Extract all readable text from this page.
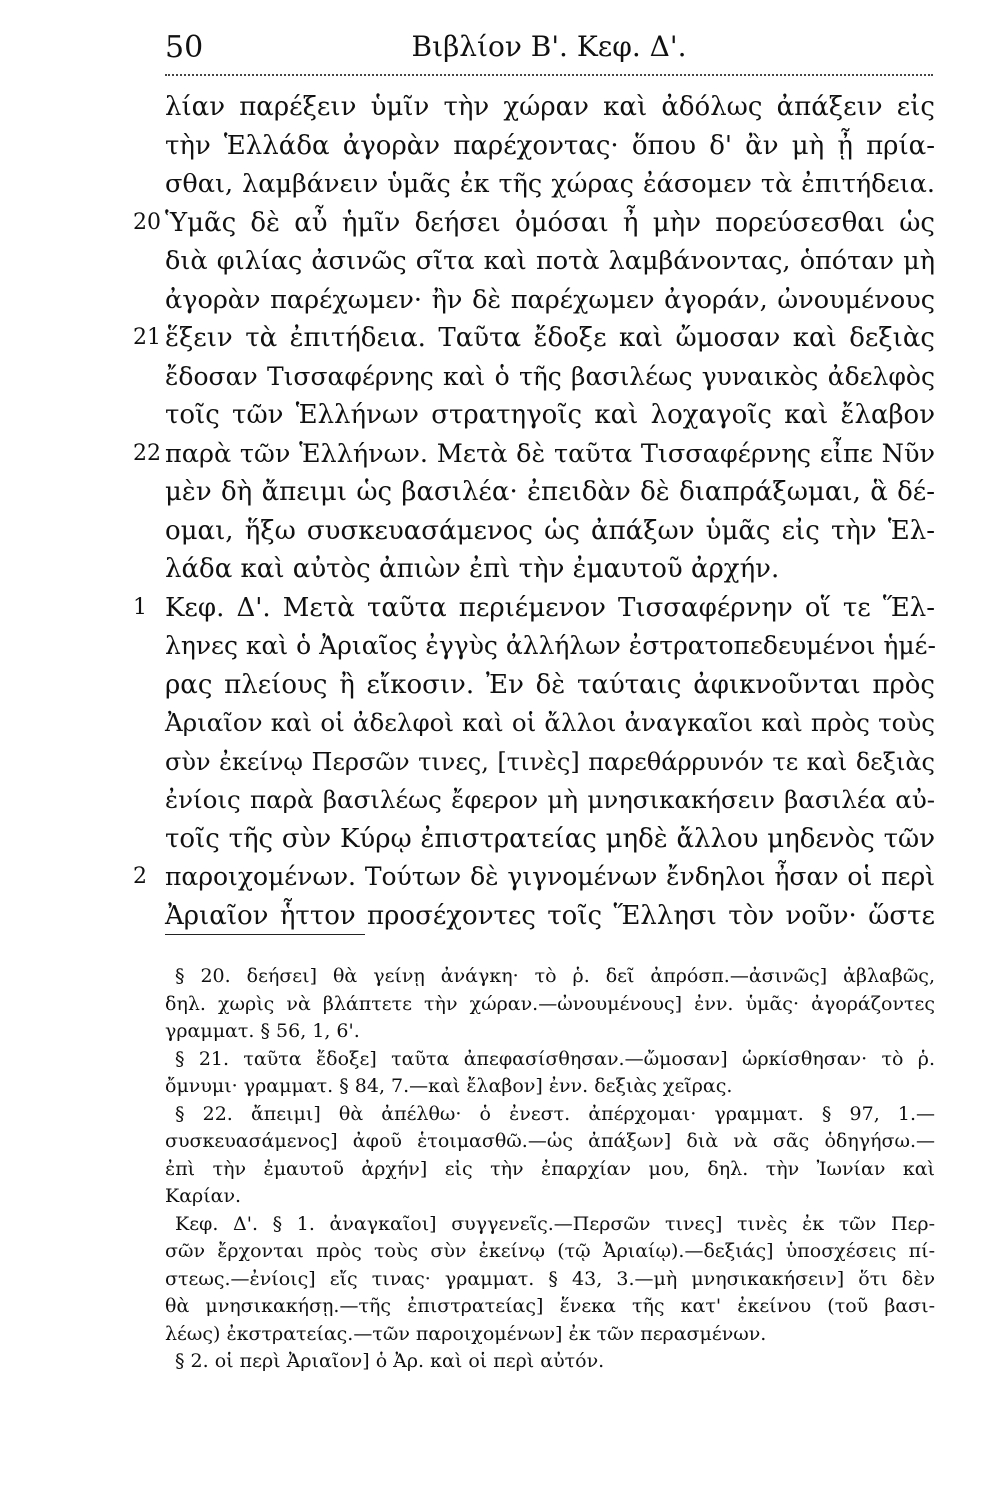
50	Βιβλίον Β'. Κεφ. Δ'.
λίαν παρέξειν ὑμῖν τὴν χώραν καὶ ἀδόλως ἀπάξειν εἰς
τὴν Ἑλλάδα ἀγορὰν παρέχοντας· ὅπου δ' ἂν μὴ ᾖ πρία-
σθαι, λαμβάνειν ὑμᾶς ἐκ τῆς χώρας ἐάσομεν τὰ ἐπιτήδεια.
20 Ὑμᾶς δὲ αὖ ἡμῖν δεήσει ὀμόσαι ἦ μὴν πορεύσεσθαι ὡς
διὰ φιλίας ἀσινῶς σῖτα καὶ ποτὰ λαμβάνοντας, ὁπόταν μὴ
ἀγορὰν παρέχωμεν· ἢν δὲ παρέχωμεν ἀγοράν, ὠνουμένους
21 ἕξειν τὰ ἐπιτήδεια. Ταῦτα ἔδοξε καὶ ὤμοσαν καὶ δεξιὰς
ἔδοσαν Τισσαφέρνης καὶ ὁ τῆς βασιλέως γυναικὸς ἀδελφὸς
τοῖς τῶν Ἑλλήνων στρατηγοῖς καὶ λοχαγοῖς καὶ ἔλαβον
22 παρὰ τῶν Ἑλλήνων. Μετὰ δὲ ταῦτα Τισσαφέρνης εἶπε Νῦν
μὲν δὴ ἄπειμι ὡς βασιλέα· ἐπειδὰν δὲ διαπράξωμαι, ἃ δέ-
ομαι, ἥξω συσκευασάμενος ὡς ἀπάξων ὑμᾶς εἰς τὴν Ἑλ-
λάδα καὶ αὐτὸς ἀπιὼν ἐπὶ τὴν ἐμαυτοῦ ἀρχήν.
1 Κεφ. Δ'. Μετὰ ταῦτα περιέμενον Τισσαφέρνην οἵ τε Ἕλ-
ληνες καὶ ὁ Ἀριαῖος ἐγγὺς ἀλλήλων ἐστρατοπεδευμένοι ἡμέ-
ρας πλείους ἢ εἴκοσιν. Ἐν δὲ ταύταις ἀφικνοῦνται πρὸς
Ἀριαῖον καὶ οἱ ἀδελφοὶ καὶ οἱ ἄλλοι ἀναγκαῖοι καὶ πρὸς τοὺς
σὺν ἐκείνῳ Περσῶν τινες, [τινὲς] παρεθάρρυνόν τε καὶ δεξιὰς
ἐνίοις παρὰ βασιλέως ἔφερον μὴ μνησικακήσειν βασιλέα αὐ-
τοῖς τῆς σὺν Κύρῳ ἐπιστρατείας μηδὲ ἄλλου μηδενὸς τῶν
2 παροιχομένων. Τούτων δὲ γιγνομένων ἔνδηλοι ἦσαν οἱ περὶ
Ἀριαῖον ἧττον προσέχοντες τοῖς Ἕλλησι τὸν νοῦν· ὥστε
§ 20. δεήσει] θὰ γείνῃ ἀνάγκη· τὸ ῥ. δεῖ ἀπρόσπ.—ἀσινῶς] ἀβλαβῶς,
δηλ. χωρὶς νὰ βλάπτετε τὴν χώραν.—ὠνουμένους] ἐνν. ὑμᾶς· ἀγοράζοντες
γραμματ. § 56, 1, 6'.
§ 21. ταῦτα ἔδοξε] ταῦτα ἀπεφασίσθησαν.—ὤμοσαν] ὡρκίσθησαν· τὸ ῥ.
ὄμνυμι· γραμματ. § 84, 7.—καὶ ἔλαβον] ἐνν. δεξιὰς χεῖρας.
§ 22. ἄπειμι] θὰ ἀπέλθω· ὁ ἐνεστ. ἀπέρχομαι· γραμματ. § 97, 1.—
συσκευασάμενος] ἀφοῦ ἑτοιμασθῶ.—ὡς ἀπάξων] διὰ νὰ σᾶς ὁδηγήσω.—
ἐπὶ τὴν ἐμαυτοῦ ἀρχήν] εἰς τὴν ἐπαρχίαν μου, δηλ. τὴν Ἰωνίαν καὶ
Καρίαν.
Κεφ. Δ'. § 1. ἀναγκαῖοι] συγγενεῖς.—Περσῶν τινες] τινὲς ἐκ τῶν Περ-
σῶν ἔρχονται πρὸς τοὺς σὺν ἐκείνῳ (τῷ Ἀριαίῳ).—δεξιάς] ὑποσχέσεις πί-
στεως.—ἐνίοις] εἴς τινας· γραμματ. § 43, 3.—μὴ μνησικακήσειν] ὅτι δὲν
θὰ μνησικακήσῃ.—τῆς ἐπιστρατείας] ἕνεκα τῆς κατ' ἐκείνου (τοῦ βασι-
λέως) ἐκστρατείας.—τῶν παροιχομένων] ἐκ τῶν περασμένων.
§ 2. οἱ περὶ Ἀριαῖον] ὁ Ἀρ. καὶ οἱ περὶ αὐτόν.
